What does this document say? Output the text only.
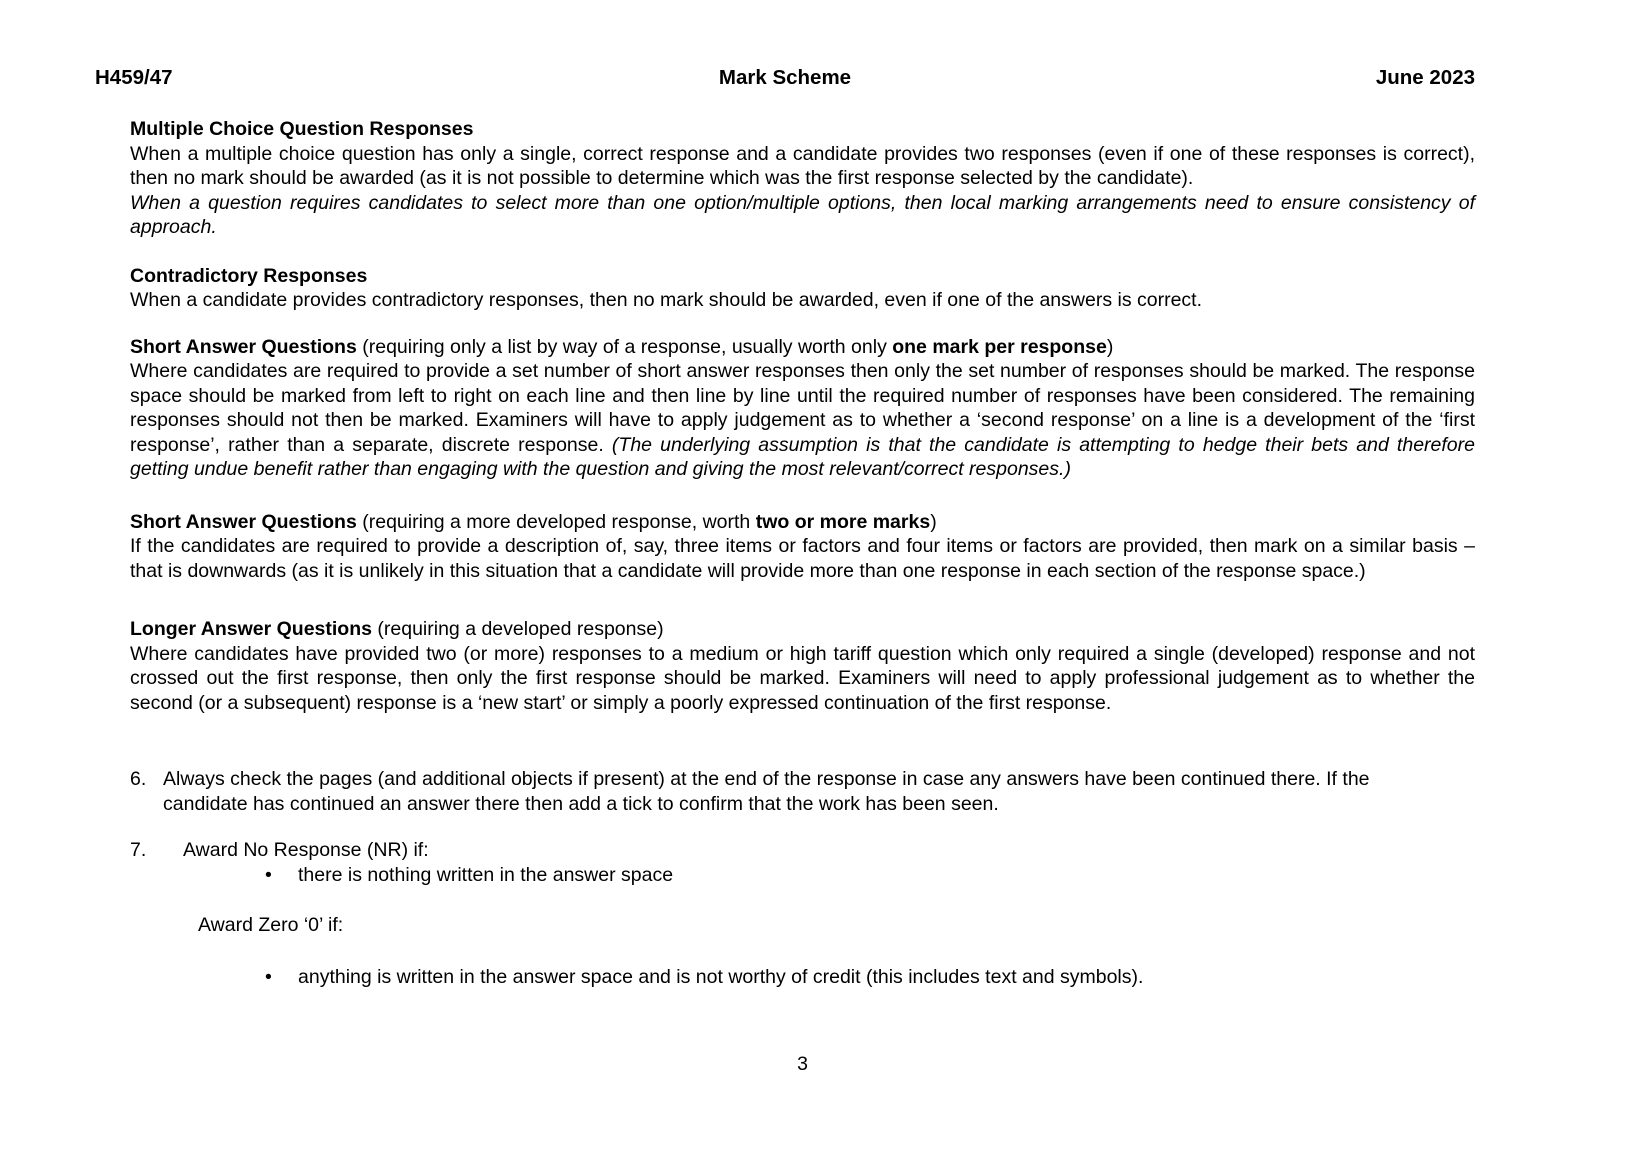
Mark Scheme
H459/47	June 2023

Multiple Choice Question Responses

When a multiple choice question has only a single, correct response and a candidate provides two responses (even if one of these responses is correct), then no mark should be awarded (as it is not possible to determine which was the first response selected by the candidate).

When a question requires candidates to select more than one option/multiple options, then local marking arrangements need to ensure consistency of approach.

Contradictory Responses

When a candidate provides contradictory responses, then no mark should be awarded, even if one of the answers is correct.

Short Answer Questions (requiring only a list by way of a response, usually worth only one mark per response)

Where candidates are required to provide a set number of short answer responses then only the set number of responses should be marked. The response space should be marked from left to right on each line and then line by line until the required number of responses have been considered. The remaining responses should not then be marked. Examiners will have to apply judgement as to whether a ‘second response’ on a line is a development of the ‘first response’, rather than a separate, discrete response. (The underlying assumption is that the candidate is attempting to hedge their bets and therefore getting undue benefit rather than engaging with the question and giving the most relevant/correct responses.)

Short Answer Questions (requiring a more developed response, worth two or more marks)

If the candidates are required to provide a description of, say, three items or factors and four items or factors are provided, then mark on a similar basis – that is downwards (as it is unlikely in this situation that a candidate will provide more than one response in each section of the response space.)

Longer Answer Questions (requiring a developed response)

Where candidates have provided two (or more) responses to a medium or high tariff question which only required a single (developed) response and not crossed out the first response, then only the first response should be marked. Examiners will need to apply professional judgement as to whether the second (or a subsequent) response is a ‘new start’ or simply a poorly expressed continuation of the first response.

6. Always check the pages (and additional objects if present) at the end of the response in case any answers have been continued there. If the candidate has continued an answer there then add a tick to confirm that the work has been seen.
7.	Award No Response (NR) if:
•	there is nothing written in the answer space
Award Zero ‘0’ if:
•	anything is written in the answer space and is not worthy of credit (this includes text and symbols).
3
